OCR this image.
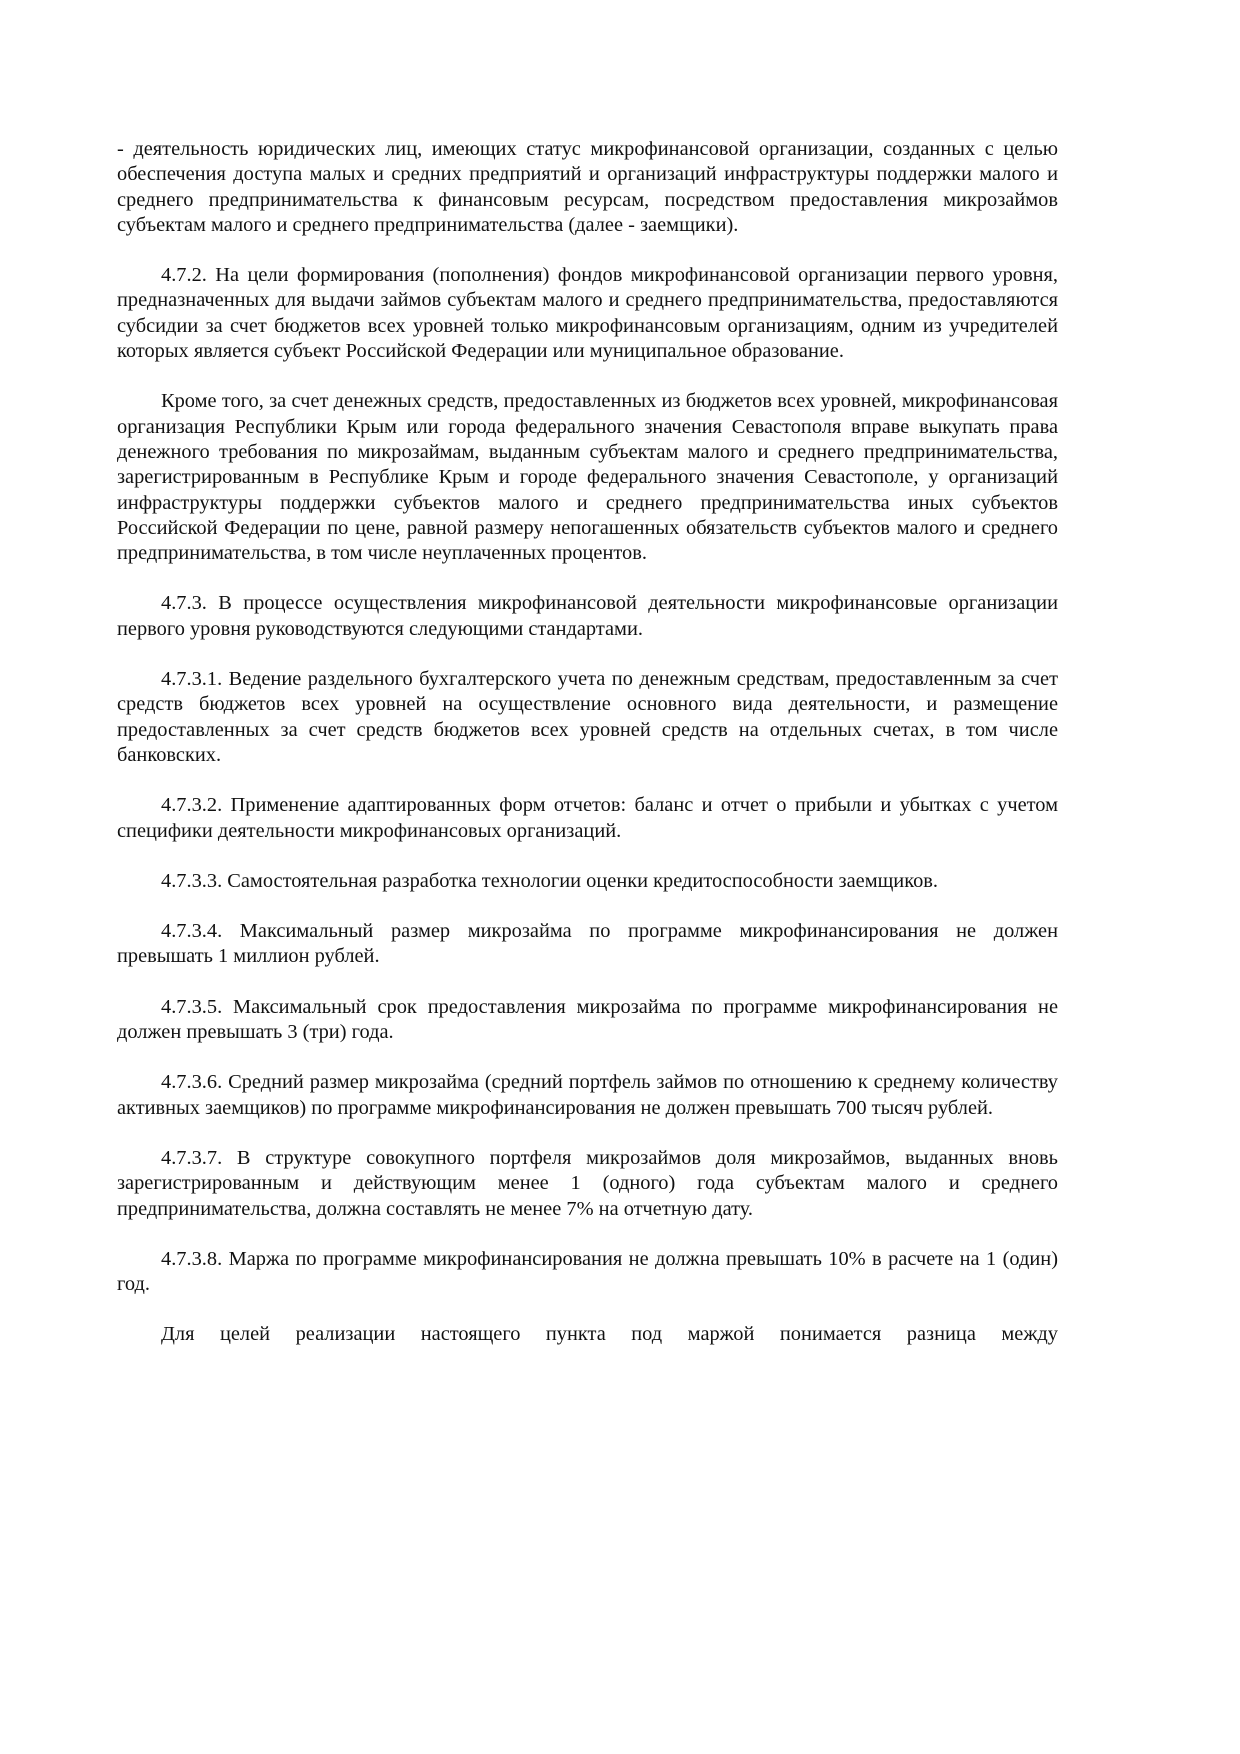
- деятельность юридических лиц, имеющих статус микрофинансовой организации, созданных с целью обеспечения доступа малых и средних предприятий и организаций инфраструктуры поддержки малого и среднего предпринимательства к финансовым ресурсам, посредством предоставления микрозаймов субъектам малого и среднего предпринимательства (далее - заемщики).

4.7.2. На цели формирования (пополнения) фондов микрофинансовой организации первого уровня, предназначенных для выдачи займов субъектам малого и среднего предпринимательства, предоставляются субсидии за счет бюджетов всех уровней только микрофинансовым организациям, одним из учредителей которых является субъект Российской Федерации или муниципальное образование.

Кроме того, за счет денежных средств, предоставленных из бюджетов всех уровней, микрофинансовая организация Республики Крым или города федерального значения Севастополя вправе выкупать права денежного требования по микрозаймам, выданным субъектам малого и среднего предпринимательства, зарегистрированным в Республике Крым и городе федерального значения Севастополе, у организаций инфраструктуры поддержки субъектов малого и среднего предпринимательства иных субъектов Российской Федерации по цене, равной размеру непогашенных обязательств субъектов малого и среднего предпринимательства, в том числе неуплаченных процентов.

4.7.3. В процессе осуществления микрофинансовой деятельности микрофинансовые организации первого уровня руководствуются следующими стандартами.

4.7.3.1. Ведение раздельного бухгалтерского учета по денежным средствам, предоставленным за счет средств бюджетов всех уровней на осуществление основного вида деятельности, и размещение предоставленных за счет средств бюджетов всех уровней средств на отдельных счетах, в том числе банковских.

4.7.3.2. Применение адаптированных форм отчетов: баланс и отчет о прибыли и убытках с учетом специфики деятельности микрофинансовых организаций.

4.7.3.3. Самостоятельная разработка технологии оценки кредитоспособности заемщиков.

4.7.3.4. Максимальный размер микрозайма по программе микрофинансирования не должен превышать 1 миллион рублей.

4.7.3.5. Максимальный срок предоставления микрозайма по программе микрофинансирования не должен превышать 3 (три) года.

4.7.3.6. Средний размер микрозайма (средний портфель займов по отношению к среднему количеству активных заемщиков) по программе микрофинансирования не должен превышать 700 тысяч рублей.

4.7.3.7. В структуре совокупного портфеля микрозаймов доля микрозаймов, выданных вновь зарегистрированным и действующим менее 1 (одного) года субъектам малого и среднего предпринимательства, должна составлять не менее 7% на отчетную дату.

4.7.3.8. Маржа по программе микрофинансирования не должна превышать 10% в расчете на 1 (один) год.

Для целей реализации настоящего пункта под маржой понимается разница между
